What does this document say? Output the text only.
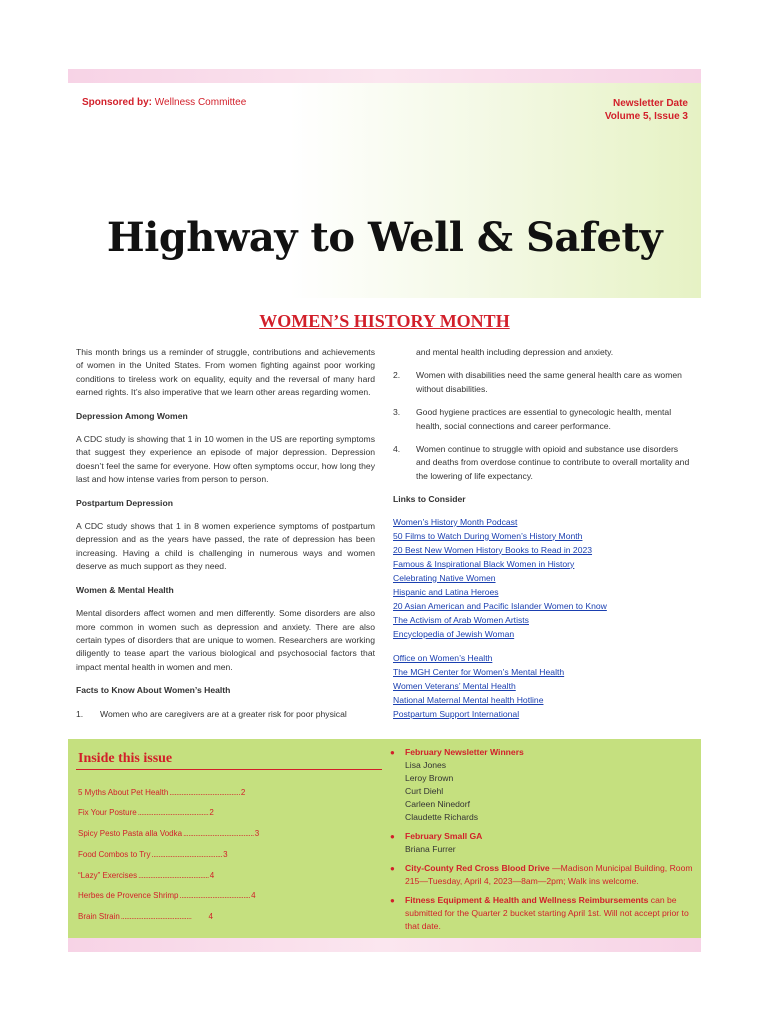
Sponsored by: Wellness Committee	Newsletter Date
Volume 5, Issue 3
Highway to Well & Safety
WOMEN’S HISTORY MONTH

This month brings us a reminder of struggle, contributions and achievements of women in the United States. From women fighting against poor working conditions to tireless work on equality, equity and the reversal of many hard earned rights. It’s also imperative that we learn other areas regarding women.

Depression Among Women

A CDC study is showing that 1 in 10 women in the US are reporting symptoms that suggest they experience an episode of major depression. Depression doesn’t feel the same for everyone. How often symptoms occur, how long they last and how intense varies from person to person.

Postpartum Depression

A CDC study shows that 1 in 8 women experience symptoms of postpartum depression and as the years have passed, the rate of depression has been increasing. Having a child is challenging in numerous ways and women deserve as much support as they need.

Women & Mental Health

Mental disorders affect women and men differently. Some disorders are also more common in women such as depression and anxiety. There are also certain types of disorders that are unique to women. Researchers are working diligently to tease apart the various biological and psychosocial factors that impact mental health in women and men.

Facts to Know About Women’s Health
1.	Women who are caregivers are at a greater risk for poor physical
and mental health including depression and anxiety.
2.	Women with disabilities need the same general health care as women without disabilities.
3.	Good hygiene practices are essential to gynecologic health, mental health, social connections and career performance.
4.	Women continue to struggle with opioid and substance use disorders and deaths from overdose continue to contribute to overall mortality and the lowering of life expectancy.
Links to Consider
Women’s History Month Podcast
50 Films to Watch During Women’s History Month
20 Best New Women History Books to Read in 2023
Famous & Inspirational Black Women in History
Celebrating Native Women
Hispanic and Latina Heroes
20 Asian American and Pacific Islander Women to Know
The Activism of Arab Women Artists
Encyclopedia of Jewish Woman
Office on Women’s Health
The MGH Center for Women’s Mental Health
Women Veterans’ Mental Health
National Maternal Mental health Hotline
Postpartum Support International
Inside this issue
5 Myths About Pet Health ......................................... 2
Fix Your Posture ......................................... 2
Spicy Pesto Pasta alla Vodka ......................................... 3
Food Combos to Try ......................................... 3
“Lazy” Exercises ......................................... 4
Herbes de Provence Shrimp ......................................... 4
Brain Strain .........................................	4
●	February Newsletter Winners
Lisa Jones
Leroy Brown
Curt Diehl
Carleen Ninedorf
Claudette Richards
●	February Small GA
Briana Furrer
●	City-County Red Cross Blood Drive —Madison Municipal Building, Room 215—Tuesday, April 4, 2023—8am—2pm; Walk ins welcome.
●	Fitness Equipment & Health and Wellness Reimbursements can be submitted for the Quarter 2 bucket starting April 1st. Will not accept prior to that date.
